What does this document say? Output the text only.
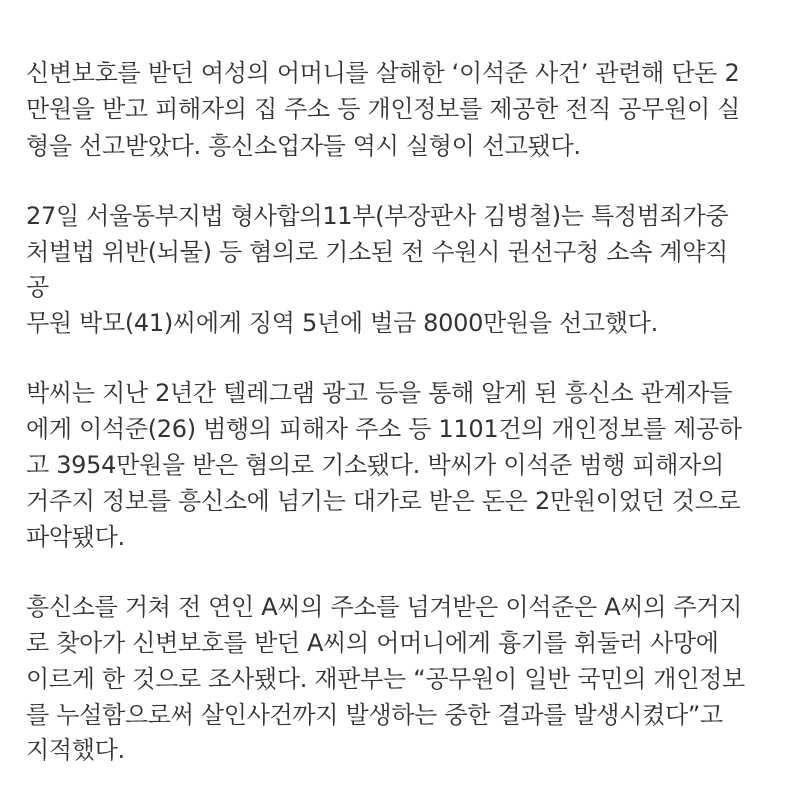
신변보호를 받던 여성의 어머니를 살해한 ‘이석준 사건’ 관련해 단돈 2
만원을 받고 피해자의 집 주소 등 개인정보를 제공한 전직 공무원이 실
형을 선고받았다. 흥신소업자들 역시 실형이 선고됐다.
27일 서울동부지법 형사합의11부(부장판사 김병철)는 특정범죄가중
처벌법 위반(뇌물) 등 혐의로 기소된 전 수원시 권선구청 소속 계약직
공
무원 박모(41)씨에게 징역 5년에 벌금 8000만원을 선고했다.
박씨는 지난 2년간 텔레그램 광고 등을 통해 알게 된 흥신소 관계자들
에게 이석준(26) 범행의 피해자 주소 등 1101건의 개인정보를 제공하
고 3954만원을 받은 혐의로 기소됐다. 박씨가 이석준 범행 피해자의
거주지 정보를 흥신소에 넘기는 대가로 받은 돈은 2만원이었던 것으로
파악됐다.
흥신소를 거쳐 전 연인 A씨의 주소를 넘겨받은 이석준은 A씨의 주거지
로 찾아가 신변보호를 받던 A씨의 어머니에게 흉기를 휘둘러 사망에
이르게 한 것으로 조사됐다. 재판부는 “공무원이 일반 국민의 개인정보
를 누설함으로써 살인사건까지 발생하는 중한 결과를 발생시켰다”고
지적했다.
